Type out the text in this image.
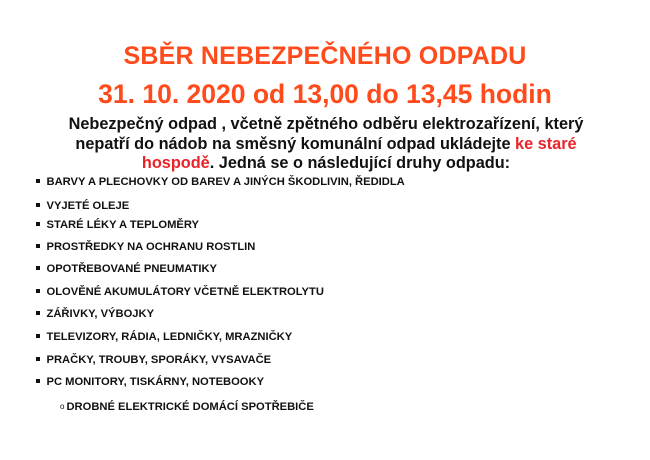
SBĚR NEBEZPEČNÉHO ODPADU
31. 10. 2020 od 13,00 do 13,45 hodin
Nebezpečný odpad , včetně zpětného odběru elektrozařízení, který nepatří do nádob na směsný komunální odpad ukládejte ke staré hospodě. Jedná se o následující druhy odpadu:
BARVY A PLECHOVKY OD BAREV A JINÝCH ŠKODLIVIN, ŘEDIDLA
VYJETÉ OLEJE
STARÉ LÉKY A TEPLOMĚRY
PROSTŘEDKY NA OCHRANU ROSTLIN
OPOTŘEBOVANÉ PNEUMATIKY
OLOVĚNÉ AKUMULÁTORY VČETNĚ ELEKTROLYTU
ZÁŘIVKY, VÝBOJKY
TELEVIZORY, RÁDIA, LEDNIČKY, MRAZNIČKY
PRAČKY, TROUBY, SPORÁKY, VYSAVAČE
PC MONITORY, TISKÁRNY, NOTEBOOKY
o DROBNÉ ELEKTRICKÉ DOMÁCÍ SPOTŘEBIČE
